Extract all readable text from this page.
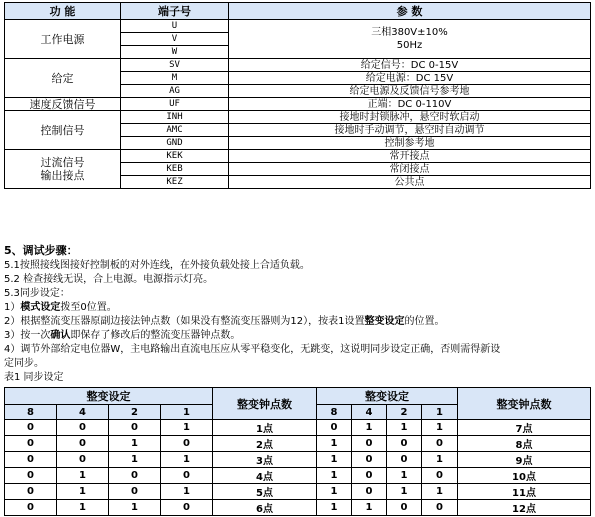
功 能	端子号	参 数
工作电源	U	三相380V±10%
50Hz

	V	
	W	
给定	SV	给定信号：DC 0-15V
	M	给定电源：DC 15V
	AG	给定电源及反馈信号参考地
速度反馈信号	UF	正端：DC 0-110V
控制信号	INH	接地时封锁脉冲，悬空时软启动
	AMC	接地时手动调节，悬空时自动调节
	GND	控制参考地

过流信号
输出接点	KEK	常开接点
	KEB	常闭接点
	KEZ	公共点
5、调试步骤：
5.1按照接线图接好控制板的对外连线，在外接负载处接上合适负载。
5.2 检查接线无误，合上电源。电源指示灯亮。
5.3同步设定：
1）模式设定拨至0位置。
2）根据整流变压器原副边接法钟点数（如果没有整流变压器则为12），按表1设置整变设定的位置。
3）按一次确认即保存了修改后的整流变压器钟点数。
4）调节外部给定电位器W，主电路输出直流电压应从零平稳变化，无跳变，这说明同步设定正确，否则需得新设
定同步。
表1 同步设定
整变设定				整变钟点数	整变设定				整变钟点数
8	4	2	1		8	4	2	1	
0	0	0	1	1点	0	1	1	1	7点
0	0	1	0	2点	1	0	0	0	8点
0	0	1	1	3点	1	0	0	1	9点
0	1	0	0	4点	1	0	1	0	10点
0	1	0	1	5点	1	0	1	1	11点
0	1	1	0	6点	1	1	0	0	12点
